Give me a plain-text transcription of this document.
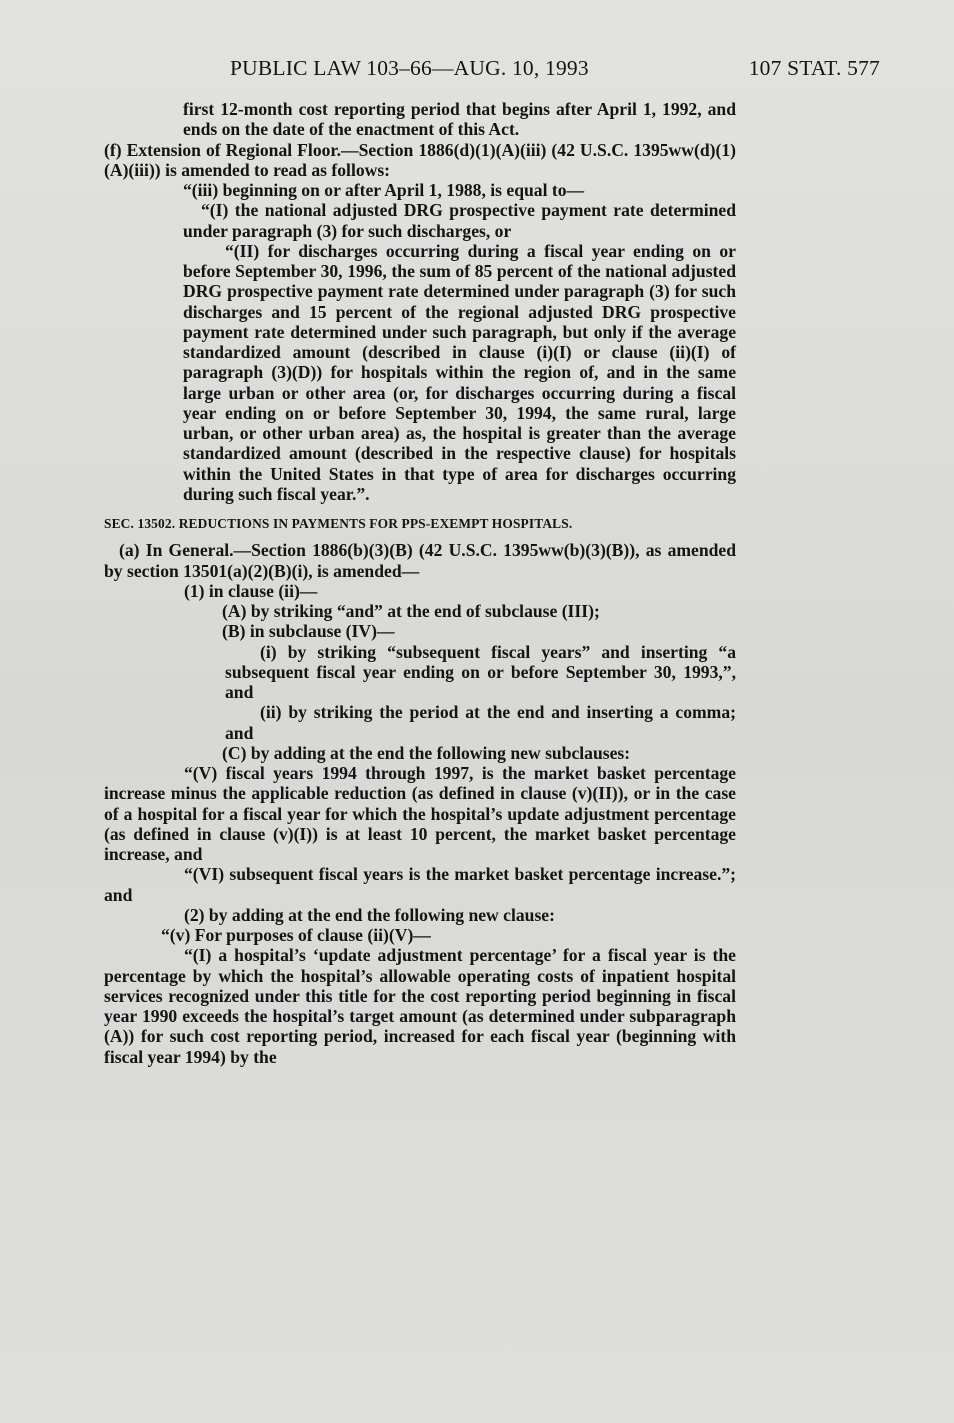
PUBLIC LAW 103–66—AUG. 10, 1993	107 STAT. 577

first 12-month cost reporting period that begins after April 1, 1992, and ends on the date of the enactment of this Act.

(f) Extension of Regional Floor.—Section 1886(d)(1)(A)(iii) (42 U.S.C. 1395ww(d)(1)(A)(iii)) is amended to read as follows:

“(iii) beginning on or after April 1, 1988, is equal to—

“(I) the national adjusted DRG prospective payment rate determined under paragraph (3) for such discharges, or

“(II) for discharges occurring during a fiscal year ending on or before September 30, 1996, the sum of 85 percent of the national adjusted DRG prospective payment rate determined under paragraph (3) for such discharges and 15 percent of the regional adjusted DRG prospective payment rate determined under such paragraph, but only if the average standardized amount (described in clause (i)(I) or clause (ii)(I) of paragraph (3)(D)) for hospitals within the region of, and in the same large urban or other area (or, for discharges occurring during a fiscal year ending on or before September 30, 1994, the same rural, large urban, or other urban area) as, the hospital is greater than the average standardized amount (described in the respective clause) for hospitals within the United States in that type of area for discharges occurring during such fiscal year.”.

SEC. 13502. REDUCTIONS IN PAYMENTS FOR PPS-EXEMPT HOSPITALS.

(a) In General.—Section 1886(b)(3)(B) (42 U.S.C. 1395ww(b)(3)(B)), as amended by section 13501(a)(2)(B)(i), is amended—

(1) in clause (ii)—

(A) by striking “and” at the end of subclause (III);

(B) in subclause (IV)—

(i) by striking “subsequent fiscal years” and inserting “a subsequent fiscal year ending on or before September 30, 1993,”, and

(ii) by striking the period at the end and inserting a comma; and

(C) by adding at the end the following new subclauses:

“(V) fiscal years 1994 through 1997, is the market basket percentage increase minus the applicable reduction (as defined in clause (v)(II)), or in the case of a hospital for a fiscal year for which the hospital’s update adjustment percentage (as defined in clause (v)(I)) is at least 10 percent, the market basket percentage increase, and

“(VI) subsequent fiscal years is the market basket percentage increase.”; and

(2) by adding at the end the following new clause:

“(v) For purposes of clause (ii)(V)—

“(I) a hospital’s ‘update adjustment percentage’ for a fiscal year is the percentage by which the hospital’s allowable operating costs of inpatient hospital services recognized under this title for the cost reporting period beginning in fiscal year 1990 exceeds the hospital’s target amount (as determined under subparagraph (A)) for such cost reporting period, increased for each fiscal year (beginning with fiscal year 1994) by the
